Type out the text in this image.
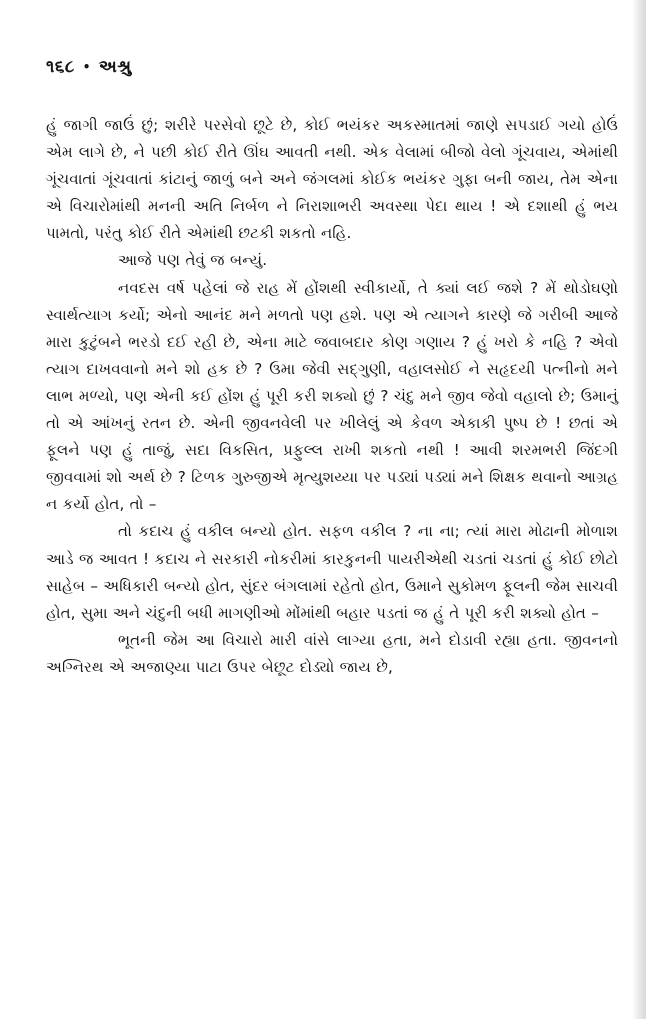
૧૬૮ • અશ્રુ

હું જાગી જાઉં છું; શરીરે પરસેવો છૂટે છે, કોઈ ભયંકર અકસ્માતમાં જાણે સપડાઈ ગયો હોઉં એમ લાગે છે, ને પછી કોઈ રીતે ઊંઘ આવતી નથી. એક વેલામાં બીજો વેલો ગૂંચવાય, એમાંથી ગૂંચવાતાં ગૂંચવાતાં કાંટાનું જાળું બને અને જંગલમાં કોઈક ભયંકર ગુફા બની જાય, તેમ એના એ વિચારોમાંથી મનની અતિ નિર્બળ ને નિરાશાભરી અવસ્થા પેદા થાય ! એ દશાથી હું ભય પામતો, પરંતુ કોઈ રીતે એમાંથી છટકી શકતો નહિ.

આજે પણ તેવું જ બન્યું.

નવદસ વર્ષ પહેલાં જે રાહ મેં હોંશથી સ્વીકાર્યો, તે ક્યાં લઈ જશે ? મેં થોડોઘણો સ્વાર્થત્યાગ કર્યો; એનો આનંદ મને મળતો પણ હશે. પણ એ ત્યાગને કારણે જે ગરીબી આજે મારા કુટુંબને ભરડો દઈ રહી છે, એના માટે જવાબદાર કોણ ગણાય ? હું ખરો કે નહિ ? એવો ત્યાગ દાખવવાનો મને શો હક છે ? ઉમા જેવી સદ્‌ગુણી, વહાલસોઈ ને સહૃદયી પત્નીનો મને લાભ મળ્યો, પણ એની કઈ હોંશ હું પૂરી કરી શક્યો છું ? ચંદુ મને જીવ જેવો વહાલો છે; ઉમાનું તો એ આંખનું રતન છે. એની જીવનવેલી પર ખીલેલું એ કેવળ એકાકી પુષ્પ છે ! છતાં એ ફૂલને પણ હું તાજું, સદા વિકસિત, પ્રફુલ્લ રાખી શકતો નથી ! આવી શરમભરી જિંદગી જીવવામાં શો અર્થ છે ? ટિળક ગુરુજીએ મૃત્યુશય્યા પર પડ્યાં પડ્યાં મને શિક્ષક થવાનો આગ્રહ ન કર્યો હોત, તો –

તો કદાચ હું વકીલ બન્યો હોત. સફળ વકીલ ? ના ના; ત્યાં મારા મોઢાની મોળાશ આડે જ આવત ! કદાચ ને સરકારી નોકરીમાં કારકુનની પાયરીએથી ચડતાં ચડતાં હું કોઈ છોટો સાહેબ – અધિકારી બન્યો હોત, સુંદર બંગલામાં રહેતો હોત, ઉમાને સુકોમળ ફૂલની જેમ સાચવી હોત, સુમા અને ચંદુની બધી માગણીઓ મોંમાંથી બહાર પડતાં જ હું તે પૂરી કરી શક્યો હોત –

ભૂતની જેમ આ વિચારો મારી વાંસે લાગ્યા હતા, મને દોડાવી રહ્યા હતા. જીવનનો અગ્નિરથ એ અજાણ્યા પાટા ઉપર બેછૂટ દોડ્યો જાય છે,
